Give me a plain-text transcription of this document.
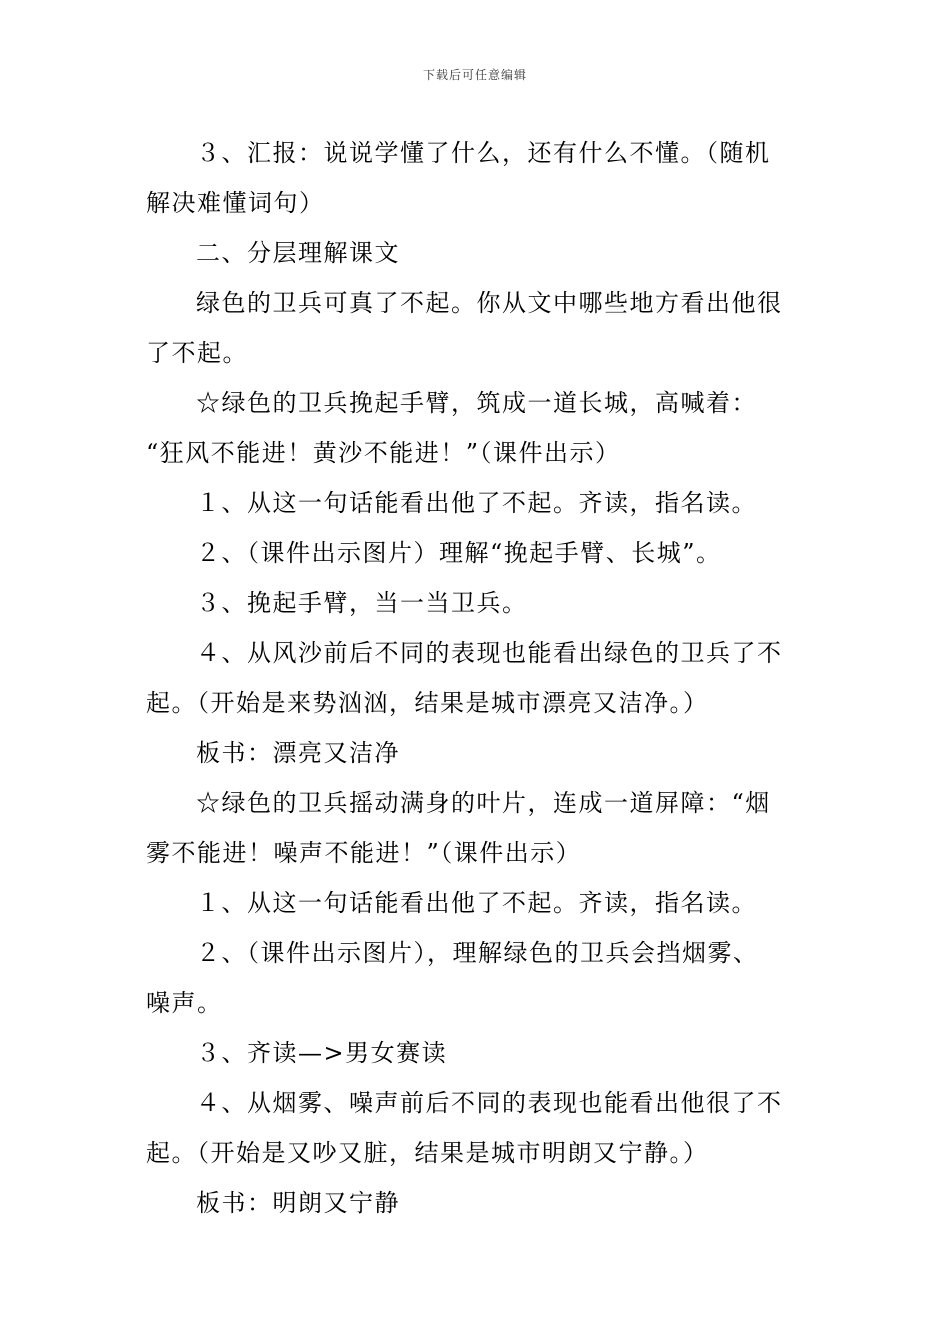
下载后可任意编辑
３、汇报：说说学懂了什么，还有什么不懂。（随机
解决难懂词句）
二、分层理解课文
绿色的卫兵可真了不起。你从文中哪些地方看出他很
了不起。
☆绿色的卫兵挽起手臂，筑成一道长城，高喊着：
“狂风不能进！黄沙不能进！”（课件出示）
１、从这一句话能看出他了不起。齐读，指名读。
２、（课件出示图片）理解“挽起手臂、长城”。
３、挽起手臂，当一当卫兵。
４、从风沙前后不同的表现也能看出绿色的卫兵了不
起。（开始是来势汹汹，结果是城市漂亮又洁净。）
板书：漂亮又洁净
☆绿色的卫兵摇动满身的叶片，连成一道屏障：“烟
雾不能进！噪声不能进！”（课件出示）
１、从这一句话能看出他了不起。齐读，指名读。
２、（课件出示图片），理解绿色的卫兵会挡烟雾、
噪声。
３、齐读—>男女赛读
４、从烟雾、噪声前后不同的表现也能看出他很了不
起。（开始是又吵又脏，结果是城市明朗又宁静。）
板书：明朗又宁静
